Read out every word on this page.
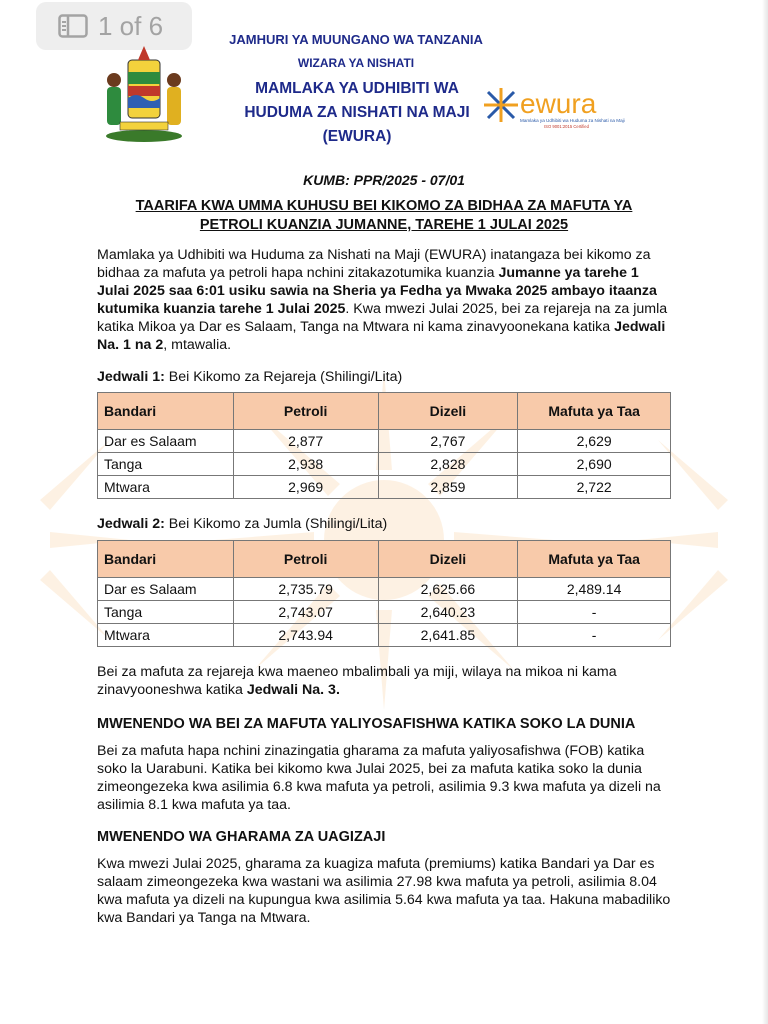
1 of 6	JAMHURI YA MUUNGANO WA TANZANIA
WIZARA YA NISHATI
MAMLAKA YA UDHIBITI WA
HUDUMA ZA NISHATI NA MAJI
(EWURA)
ewura
Mamlaka ya Udhibiti wa Huduma za Nishati na Maji
ISO 9001:2015 Certified
KUMB: PPR/2025 - 07/01
TAARIFA KWA UMMA KUHUSU BEI KIKOMO ZA BIDHAA ZA MAFUTA YA
PETROLI KUANZIA JUMANNE, TAREHE 1 JULAI 2025
Mamlaka ya Udhibiti wa Huduma za Nishati na Maji (EWURA) inatangaza bei kikomo za bidhaa za mafuta ya petroli hapa nchini zitakazotumika kuanzia Jumanne ya tarehe 1 Julai 2025 saa 6:01 usiku sawia na Sheria ya Fedha ya Mwaka 2025 ambayo itaanza kutumika kuanzia tarehe 1 Julai 2025. Kwa mwezi Julai 2025, bei za rejareja na za jumla katika Mikoa ya Dar es Salaam, Tanga na Mtwara ni kama zinavyoonekana katika Jedwali Na. 1 na 2, mtawalia.
Jedwali 1: Bei Kikomo za Rejareja (Shilingi/Lita)
Bandari	Petroli	Dizeli	Mafuta ya Taa
Dar es Salaam	2,877	2,767	2,629
Tanga	2,938	2,828	2,690
Mtwara	2,969	2,859	2,722
Jedwali 2: Bei Kikomo za Jumla (Shilingi/Lita)
Bandari	Petroli	Dizeli	Mafuta ya Taa
Dar es Salaam	2,735.79	2,625.66	2,489.14
Tanga	2,743.07	2,640.23	-
Mtwara	2,743.94	2,641.85	-
Bei za mafuta za rejareja kwa maeneo mbalimbali ya miji, wilaya na mikoa ni kama zinavyooneshwa katika Jedwali Na. 3.
MWENENDO WA BEI ZA MAFUTA YALIYOSAFISHWA KATIKA SOKO LA DUNIA
Bei za mafuta hapa nchini zinazingatia gharama za mafuta yaliyosafishwa (FOB) katika soko la Uarabuni. Katika bei kikomo kwa Julai 2025, bei za mafuta katika soko la dunia zimeongezeka kwa asilimia 6.8 kwa mafuta ya petroli, asilimia 9.3 kwa mafuta ya dizeli na asilimia 8.1 kwa mafuta ya taa.
MWENENDO WA GHARAMA ZA UAGIZAJI
Kwa mwezi Julai 2025, gharama za kuagiza mafuta (premiums) katika Bandari ya Dar es salaam zimeongezeka kwa wastani wa asilimia 27.98 kwa mafuta ya petroli, asilimia 8.04 kwa mafuta ya dizeli na kupungua kwa asilimia 5.64 kwa mafuta ya taa. Hakuna mabadiliko kwa Bandari ya Tanga na Mtwara.
